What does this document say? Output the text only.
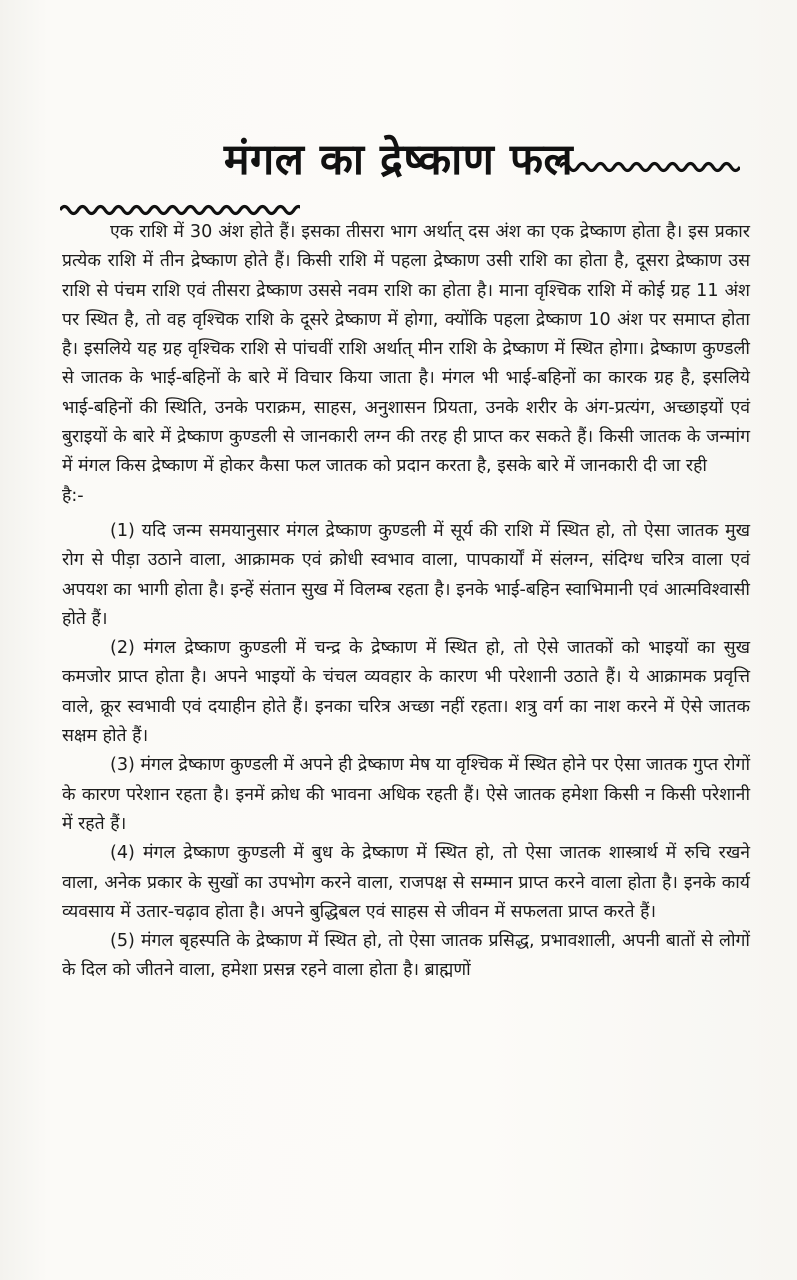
मंगल का द्रेष्काण फल

एक राशि में 30 अंश होते हैं। इसका तीसरा भाग अर्थात् दस अंश का एक द्रेष्काण होता है। इस प्रकार प्रत्येक राशि में तीन द्रेष्काण होते हैं। किसी राशि में पहला द्रेष्काण उसी राशि का होता है, दूसरा द्रेष्काण उस राशि से पंचम राशि एवं तीसरा द्रेष्काण उससे नवम राशि का होता है। माना वृश्चिक राशि में कोई ग्रह 11 अंश पर स्थित है, तो वह वृश्चिक राशि के दूसरे द्रेष्काण में होगा, क्योंकि पहला द्रेष्काण 10 अंश पर समाप्त होता है। इसलिये यह ग्रह वृश्चिक राशि से पांचवीं राशि अर्थात् मीन राशि के द्रेष्काण में स्थित होगा। द्रेष्काण कुण्डली से जातक के भाई-बहिनों के बारे में विचार किया जाता है। मंगल भी भाई-बहिनों का कारक ग्रह है, इसलिये भाई-बहिनों की स्थिति, उनके पराक्रम, साहस, अनुशासन प्रियता, उनके शरीर के अंग-प्रत्यंग, अच्छाइयों एवं बुराइयों के बारे में द्रेष्काण कुण्डली से जानकारी लग्न की तरह ही प्राप्त कर सकते हैं। किसी जातक के जन्मांग में मंगल किस द्रेष्काण में होकर कैसा फल जातक को प्रदान करता है, इसके बारे में जानकारी दी जा रही

है:-

(1) यदि जन्म समयानुसार मंगल द्रेष्काण कुण्डली में सूर्य की राशि में स्थित हो, तो ऐसा जातक मुख रोग से पीड़ा उठाने वाला, आक्रामक एवं क्रोधी स्वभाव वाला, पापकार्यों में संलग्न, संदिग्ध चरित्र वाला एवं अपयश का भागी होता है। इन्हें संतान सुख में विलम्ब रहता है। इनके भाई-बहिन स्वाभिमानी एवं आत्मविश्वासी होते हैं।

(2) मंगल द्रेष्काण कुण्डली में चन्द्र के द्रेष्काण में स्थित हो, तो ऐसे जातकों को भाइयों का सुख कमजोर प्राप्त होता है। अपने भाइयों के चंचल व्यवहार के कारण भी परेशानी उठाते हैं। ये आक्रामक प्रवृत्ति वाले, क्रूर स्वभावी एवं दयाहीन होते हैं। इनका चरित्र अच्छा नहीं रहता। शत्रु वर्ग का नाश करने में ऐसे जातक सक्षम होते हैं।

(3) मंगल द्रेष्काण कुण्डली में अपने ही द्रेष्काण मेष या वृश्चिक में स्थित होने पर ऐसा जातक गुप्त रोगों के कारण परेशान रहता है। इनमें क्रोध की भावना अधिक रहती हैं। ऐसे जातक हमेशा किसी न किसी परेशानी में रहते हैं।

(4) मंगल द्रेष्काण कुण्डली में बुध के द्रेष्काण में स्थित हो, तो ऐसा जातक शास्त्रार्थ में रुचि रखने वाला, अनेक प्रकार के सुखों का उपभोग करने वाला, राजपक्ष से सम्मान प्राप्त करने वाला होता है। इनके कार्य व्यवसाय में उतार-चढ़ाव होता है। अपने बुद्धिबल एवं साहस से जीवन में सफलता प्राप्त करते हैं।

(5) मंगल बृहस्पति के द्रेष्काण में स्थित हो, तो ऐसा जातक प्रसिद्ध, प्रभावशाली, अपनी बातों से लोगों के दिल को जीतने वाला, हमेशा प्रसन्न रहने वाला होता है। ब्राह्मणों
